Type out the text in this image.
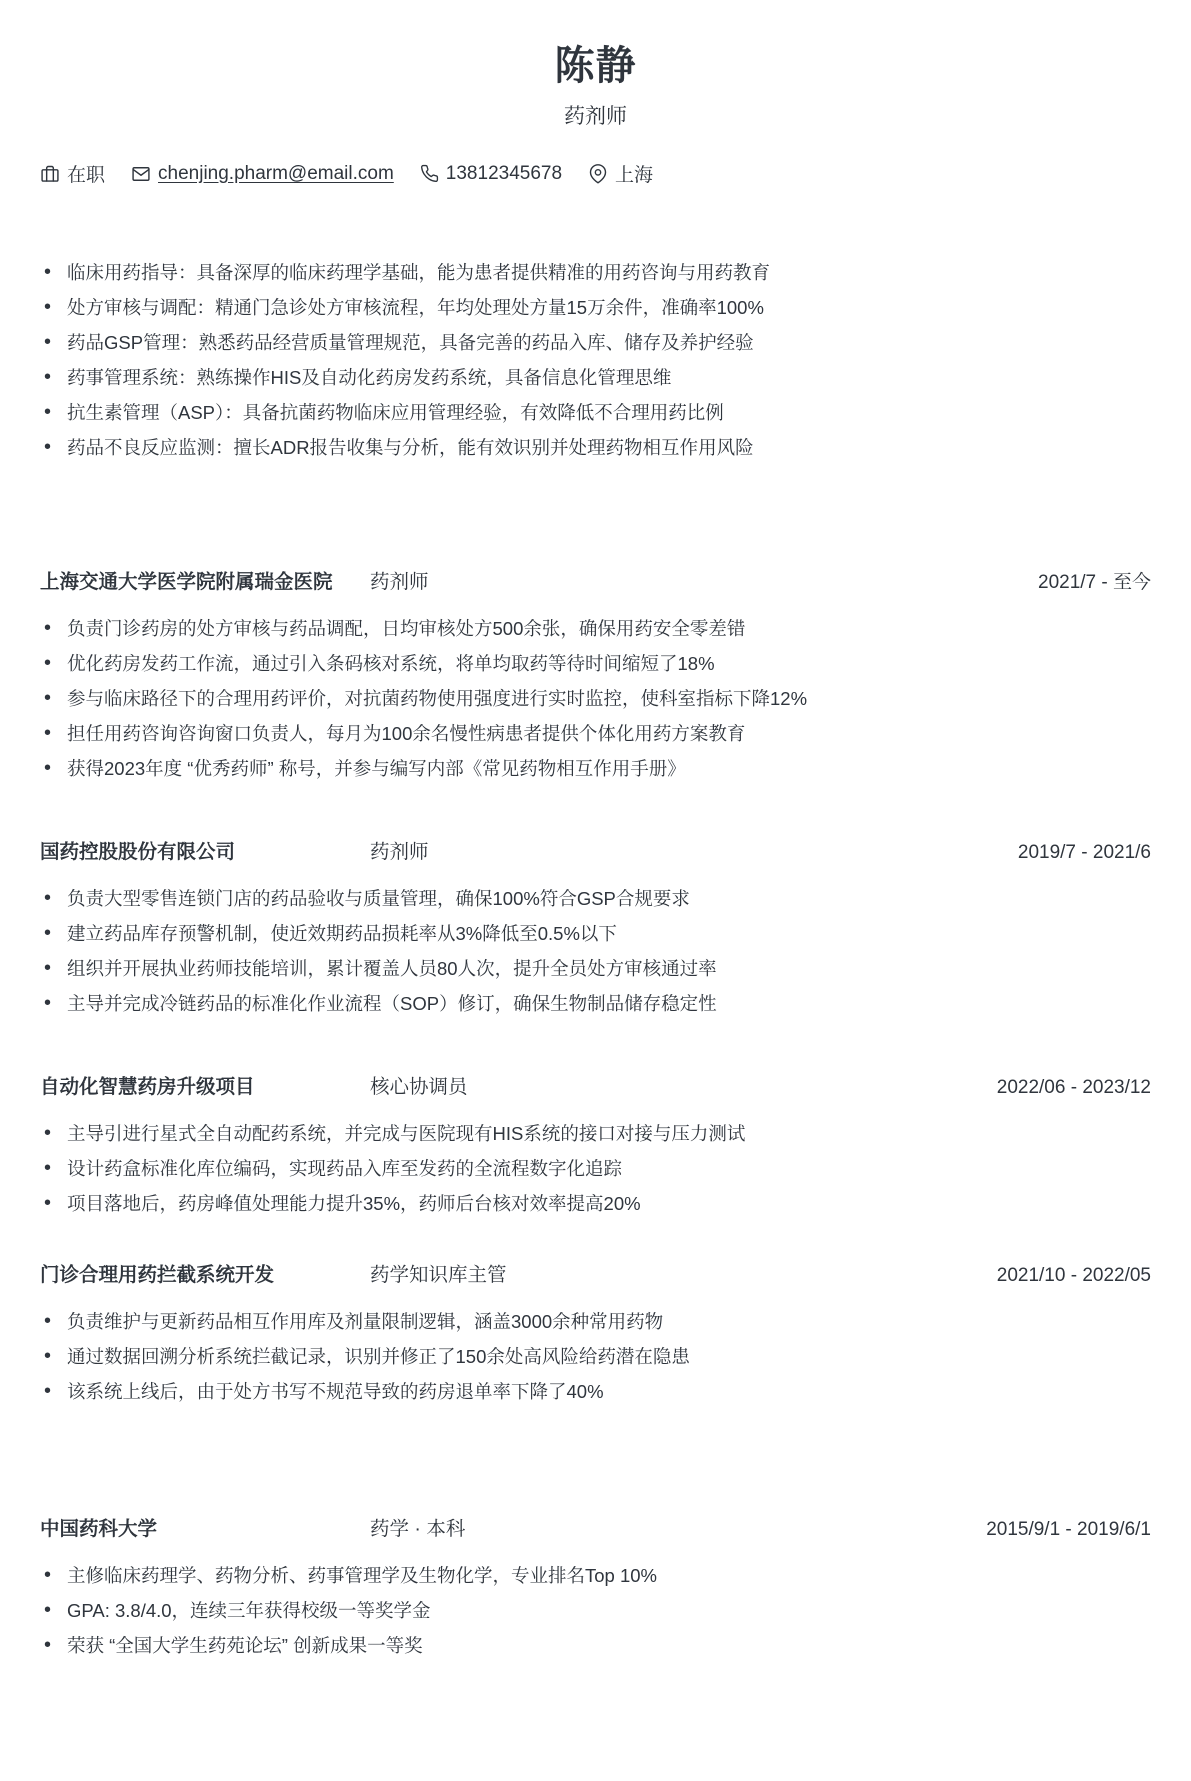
陈静
药剂师
在职	chenjing.pharm@email.com	13812345678	上海
• 临床用药指导：具备深厚的临床药理学基础，能为患者提供精准的用药咨询与用药教育
• 处方审核与调配：精通门急诊处方审核流程，年均处理处方量15万余件，准确率100%
• 药品GSP管理：熟悉药品经营质量管理规范，具备完善的药品入库、储存及养护经验
• 药事管理系统：熟练操作HIS及自动化药房发药系统，具备信息化管理思维
• 抗生素管理（ASP）：具备抗菌药物临床应用管理经验，有效降低不合理用药比例
• 药品不良反应监测：擅长ADR报告收集与分析，能有效识别并处理药物相互作用风险
上海交通大学医学院附属瑞金医院	药剂师	2021/7 - 至今
• 负责门诊药房的处方审核与药品调配，日均审核处方500余张，确保用药安全零差错
• 优化药房发药工作流，通过引入条码核对系统，将单均取药等待时间缩短了18%
• 参与临床路径下的合理用药评价，对抗菌药物使用强度进行实时监控，使科室指标下降12%
• 担任用药咨询咨询窗口负责人，每月为100余名慢性病患者提供个体化用药方案教育
• 获得2023年度 “优秀药师” 称号，并参与编写内部《常见药物相互作用手册》
国药控股股份有限公司	药剂师	2019/7 - 2021/6
• 负责大型零售连锁门店的药品验收与质量管理，确保100%符合GSP合规要求
• 建立药品库存预警机制，使近效期药品损耗率从3%降低至0.5%以下
• 组织并开展执业药师技能培训，累计覆盖人员80人次，提升全员处方审核通过率
• 主导并完成冷链药品的标准化作业流程（SOP）修订，确保生物制品储存稳定性
自动化智慧药房升级项目	核心协调员	2022/06 - 2023/12
• 主导引进行星式全自动配药系统，并完成与医院现有HIS系统的接口对接与压力测试
• 设计药盒标准化库位编码，实现药品入库至发药的全流程数字化追踪
• 项目落地后，药房峰值处理能力提升35%，药师后台核对效率提高20%
门诊合理用药拦截系统开发	药学知识库主管	2021/10 - 2022/05
• 负责维护与更新药品相互作用库及剂量限制逻辑，涵盖3000余种常用药物
• 通过数据回溯分析系统拦截记录，识别并修正了150余处高风险给药潜在隐患
• 该系统上线后，由于处方书写不规范导致的药房退单率下降了40%
中国药科大学	药学 · 本科	2015/9/1 - 2019/6/1
• 主修临床药理学、药物分析、药事管理学及生物化学，专业排名Top 10%
• GPA: 3.8/4.0，连续三年获得校级一等奖学金
• 荣获 “全国大学生药苑论坛” 创新成果一等奖
